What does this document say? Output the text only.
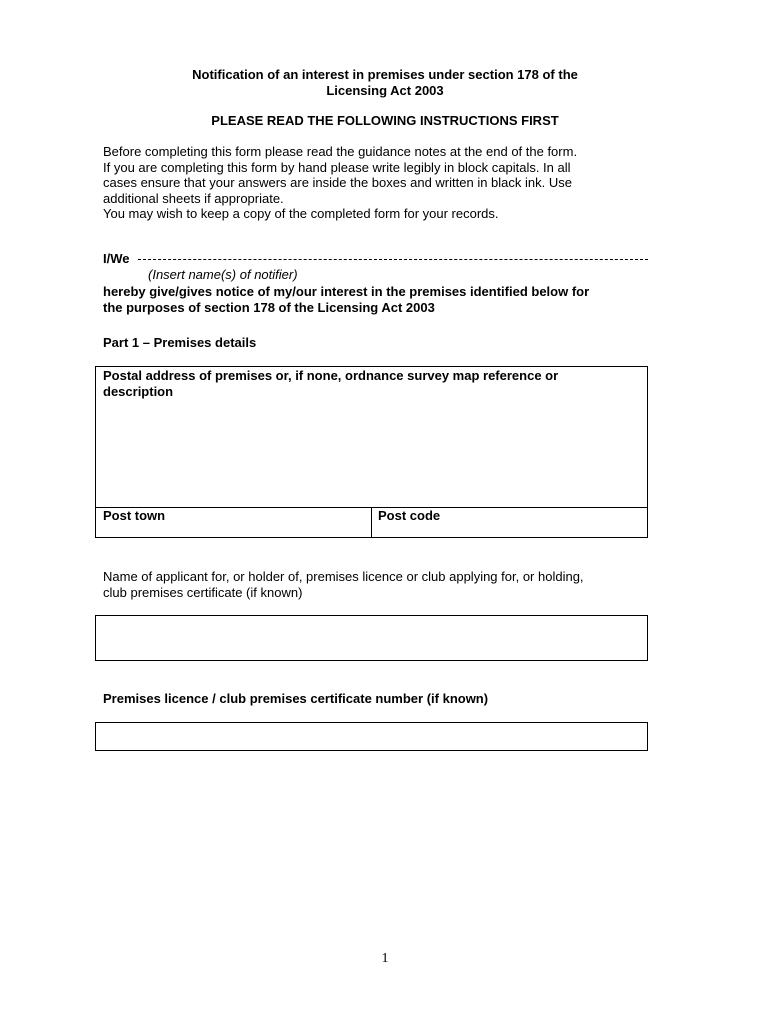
Notification of an interest in premises under section 178 of the
Licensing Act 2003
PLEASE READ THE FOLLOWING INSTRUCTIONS FIRST
Before completing this form please read the guidance notes at the end of the form.
If you are completing this form by hand please write legibly in block capitals. In all
cases ensure that your answers are inside the boxes and written in black ink. Use
additional sheets if appropriate.
You may wish to keep a copy of the completed form for your records.
I/We
(Insert name(s) of notifier)
hereby give/gives notice of my/our interest in the premises identified below for
the purposes of section 178 of the Licensing Act 2003
Part 1 – Premises details
Postal address of premises or, if none, ordnance survey map reference or
description
Post town	Post code
Name of applicant for, or holder of, premises licence or club applying for, or holding,
club premises certificate (if known)
Premises licence / club premises certificate number (if known)
1
